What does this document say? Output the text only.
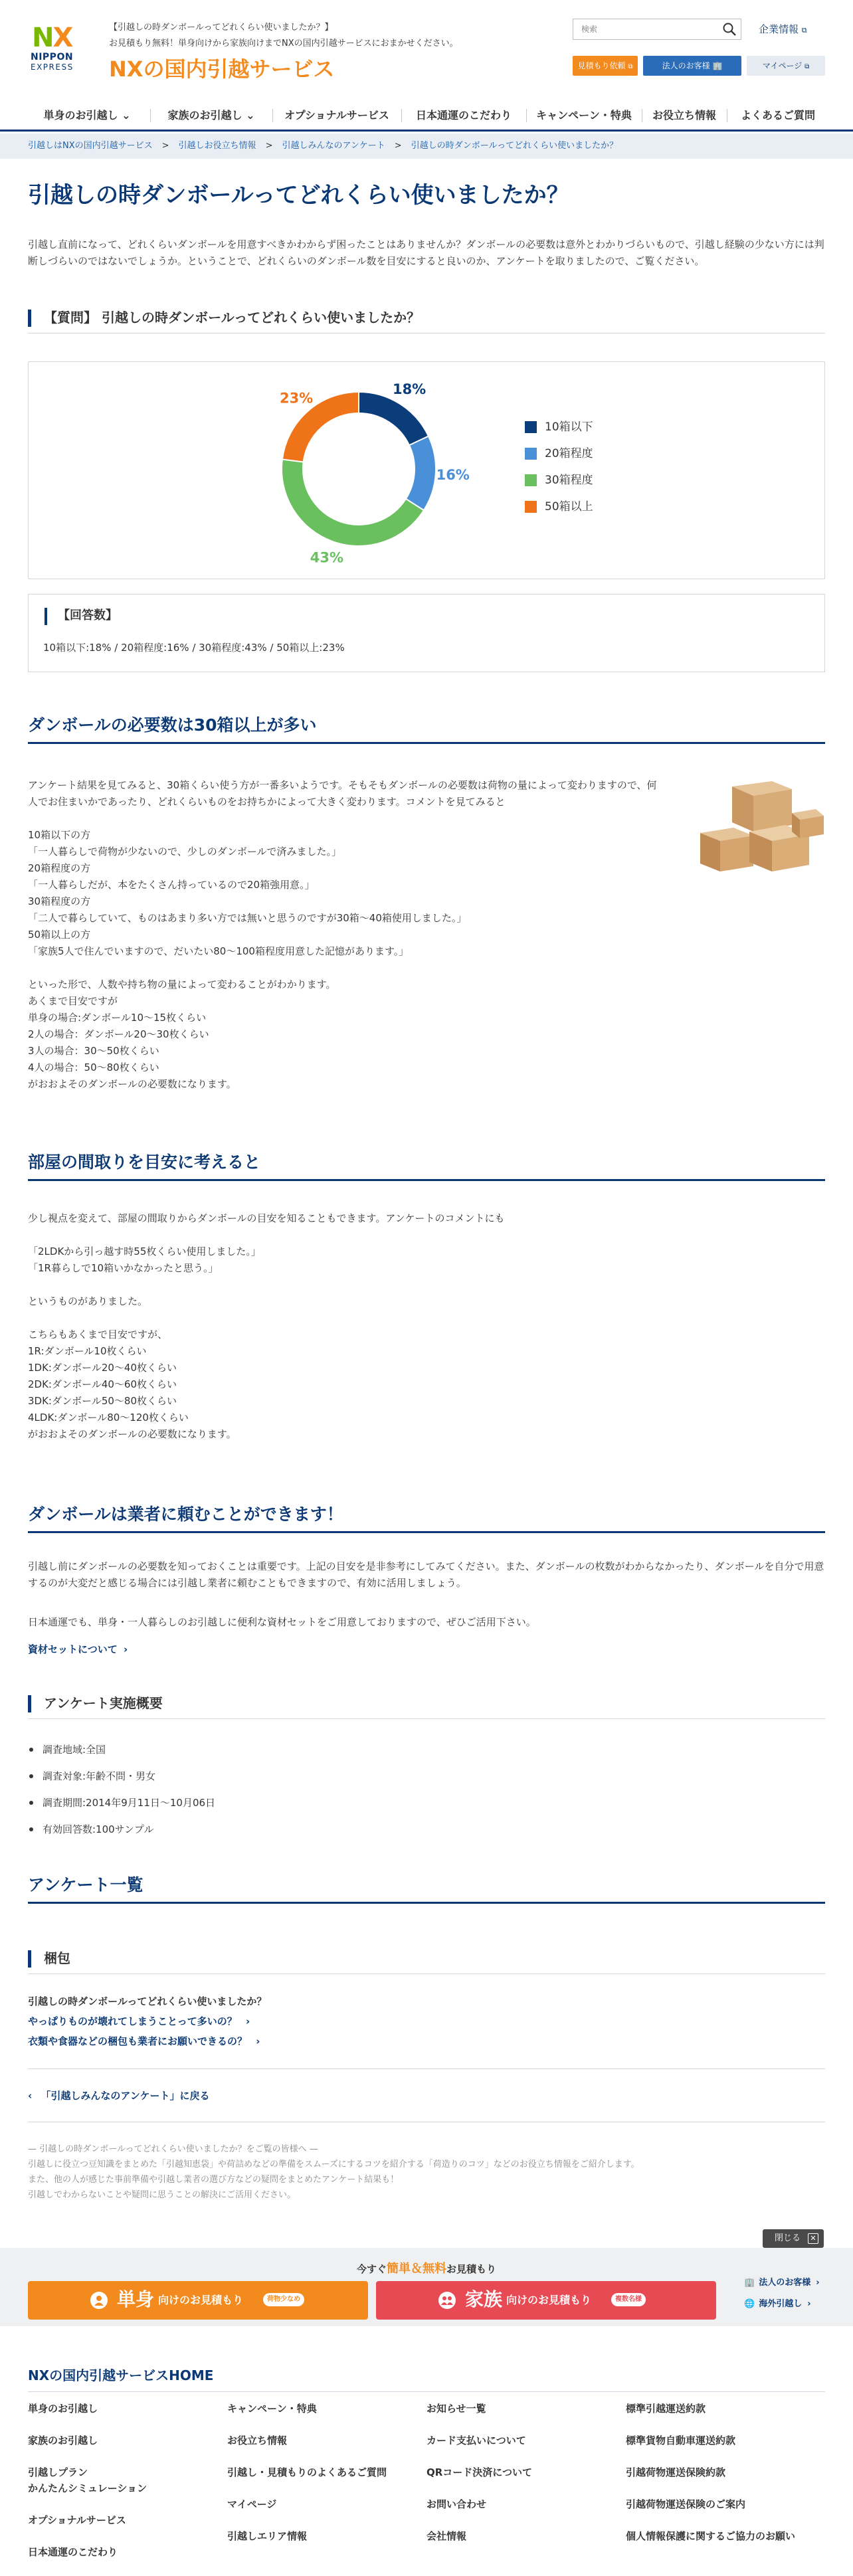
NX
NIPPON
EXPRESS
【引越しの時ダンボールってどれくらい使いましたか？】
お見積もり無料！単身向けから家族向けまでNXの国内引越サービスにおまかせください。
NXの国内引越サービス
検索
企業情報 ⧉
見積もり依頼 ⧉	法人のお客様 🏢	マイページ ⧉
単身のお引越し ⌄	家族のお引越し ⌄	オプショナルサービス	日本通運のこだわり	キャンペーン・特典	お役立ち情報	よくあるご質問
引越しはNXの国内引越サービス > 引越しお役立ち情報 > 引越しみんなのアンケート > 引越しの時ダンボールってどれくらい使いましたか？
引越しの時ダンボールってどれくらい使いましたか？

引越し直前になって、どれくらいダンボールを用意すべきかわからず困ったことはありませんか？ダンボールの必要数は意外とわかりづらいもので、引越し経験の少ない方には判断しづらいのではないでしょうか。ということで、どれくらいのダンボール数を目安にすると良いのか、アンケートを取りましたので、ご覧ください。

【質問】 引越しの時ダンボールってどれくらい使いましたか？
18%
16%
43%
23%
10箱以下
20箱程度
30箱程度
50箱以上
【回答数】
10箱以下:18% / 20箱程度:16% / 30箱程度:43% / 50箱以上:23%
ダンボールの必要数は30箱以上が多い
アンケート結果を見てみると、30箱くらい使う方が一番多いようです。そもそもダンボールの必要数は荷物の量によって変わりますので、何人でお住まいかであったり、どれくらいものをお持ちかによって大きく変わります。コメントを見てみると

10箱以下の方
「一人暮らしで荷物が少ないので、少しのダンボールで済みました。」
20箱程度の方
「一人暮らしだが、本をたくさん持っているので20箱強用意。」
30箱程度の方
「二人で暮らしていて、ものはあまり多い方では無いと思うのですが30箱〜40箱使用しました。」
50箱以上の方
「家族5人で住んでいますので、だいたい80〜100箱程度用意した記憶があります。」

といった形で、人数や持ち物の量によって変わることがわかります。
あくまで目安ですが
単身の場合:ダンボール10〜15枚くらい
2人の場合：ダンボール20〜30枚くらい
3人の場合：30〜50枚くらい
4人の場合：50〜80枚くらい
がおおよそのダンボールの必要数になります。
部屋の間取りを目安に考えると
少し視点を変えて、部屋の間取りからダンボールの目安を知ることもできます。アンケートのコメントにも

「2LDKから引っ越す時55枚くらい使用しました。」
「1R暮らしで10箱いかなかったと思う。」

というものがありました。

こちらもあくまで目安ですが、
1R:ダンボール10枚くらい
1DK:ダンボール20〜40枚くらい
2DK:ダンボール40〜60枚くらい
3DK:ダンボール50〜80枚くらい
4LDK:ダンボール80〜120枚くらい
がおおよそのダンボールの必要数になります。
ダンボールは業者に頼むことができます！

引越し前にダンボールの必要数を知っておくことは重要です。上記の目安を是非参考にしてみてください。また、ダンボールの枚数がわからなかったり、ダンボールを自分で用意するのが大変だと感じる場合には引越し業者に頼むこともできますので、有効に活用しましょう。

日本通運でも、単身・一人暮らしのお引越しに便利な資材セットをご用意しておりますので、ぜひご活用下さい。

資材セットについて ›
アンケート実施概要
調査地域:全国
調査対象:年齢不問・男女
調査期間:2014年9月11日〜10月06日
有効回答数:100サンプル
アンケート一覧
梱包
引越しの時ダンボールってどれくらい使いましたか？
やっぱりものが壊れてしまうことって多いの？ ›
衣類や食器などの梱包も業者にお願いできるの？ ›
‹ 「引越しみんなのアンケート」に戻る
— 引越しの時ダンボールってどれくらい使いましたか？をご覧の皆様へ —
引越しに役立つ豆知識をまとめた「引越知恵袋」や荷詰めなどの準備をスムーズにするコツを紹介する「荷造りのコツ」などのお役立ち情報をご紹介します。
また、他の人が感じた事前準備や引越し業者の選び方などの疑問をまとめたアンケート結果も！
引越しでわからないことや疑問に思うことの解決にご活用ください。
閉じる	✕
今すぐ簡単＆無料お見積もり
単身 向けのお見積もり	荷物少なめ	家族 向けのお見積もり	複数名様
🏢 法人のお客様 ›
🌐 海外引越し ›
NXの国内引越サービスHOME
単身のお引越し
家族のお引越し
引越しプラン
かんたんシミュレーション
オプショナルサービス
日本通運のこだわり
キャンペーン・特典
お役立ち情報
引越し・見積もりのよくあるご質問
マイページ
引越しエリア情報
お知らせ一覧
カード支払いについて
QRコード決済について
お問い合わせ
会社情報
標準引越運送約款
標準貨物自動車運送約款
引越荷物運送保険約款
引越荷物運送保険のご案内
個人情報保護に関するご協力のお願い
